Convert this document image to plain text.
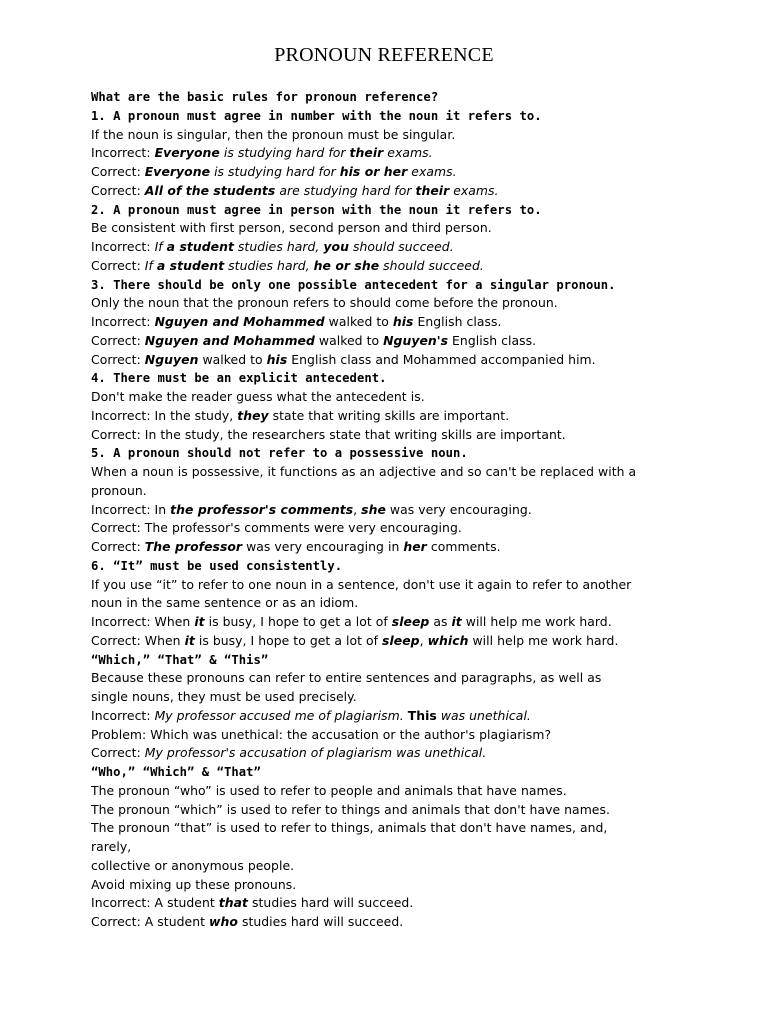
PRONOUN REFERENCE
What are the basic rules for pronoun reference?
1. A pronoun must agree in number with the noun it refers to.
If the noun is singular, then the pronoun must be singular.
Incorrect: Everyone is studying hard for their exams.
Correct: Everyone is studying hard for his or her exams.
Correct: All of the students are studying hard for their exams.
2. A pronoun must agree in person with the noun it refers to.
Be consistent with first person, second person and third person.
Incorrect: If a student studies hard, you should succeed.
Correct: If a student studies hard, he or she should succeed.
3. There should be only one possible antecedent for a singular pronoun.
Only the noun that the pronoun refers to should come before the pronoun.
Incorrect: Nguyen and Mohammed walked to his English class.
Correct: Nguyen and Mohammed walked to Nguyen's English class.
Correct: Nguyen walked to his English class and Mohammed accompanied him.
4. There must be an explicit antecedent.
Don't make the reader guess what the antecedent is.
Incorrect: In the study, they state that writing skills are important.
Correct: In the study, the researchers state that writing skills are important.
5. A pronoun should not refer to a possessive noun.
When a noun is possessive, it functions as an adjective and so can't be replaced with a
pronoun.
Incorrect: In the professor's comments, she was very encouraging.
Correct: The professor's comments were very encouraging.
Correct: The professor was very encouraging in her comments.
6. “It” must be used consistently.
If you use “it” to refer to one noun in a sentence, don't use it again to refer to another
noun in the same sentence or as an idiom.
Incorrect: When it is busy, I hope to get a lot of sleep as it will help me work hard.
Correct: When it is busy, I hope to get a lot of sleep, which will help me work hard.
“Which,” “That” & “This”
Because these pronouns can refer to entire sentences and paragraphs, as well as
single nouns, they must be used precisely.
Incorrect: My professor accused me of plagiarism. This was unethical.
Problem: Which was unethical: the accusation or the author's plagiarism?
Correct: My professor's accusation of plagiarism was unethical.
“Who,” “Which” & “That”
The pronoun “who” is used to refer to people and animals that have names.
The pronoun “which” is used to refer to things and animals that don't have names.
The pronoun “that” is used to refer to things, animals that don't have names, and,
rarely,
collective or anonymous people.
Avoid mixing up these pronouns.
Incorrect: A student that studies hard will succeed.
Correct: A student who studies hard will succeed.
